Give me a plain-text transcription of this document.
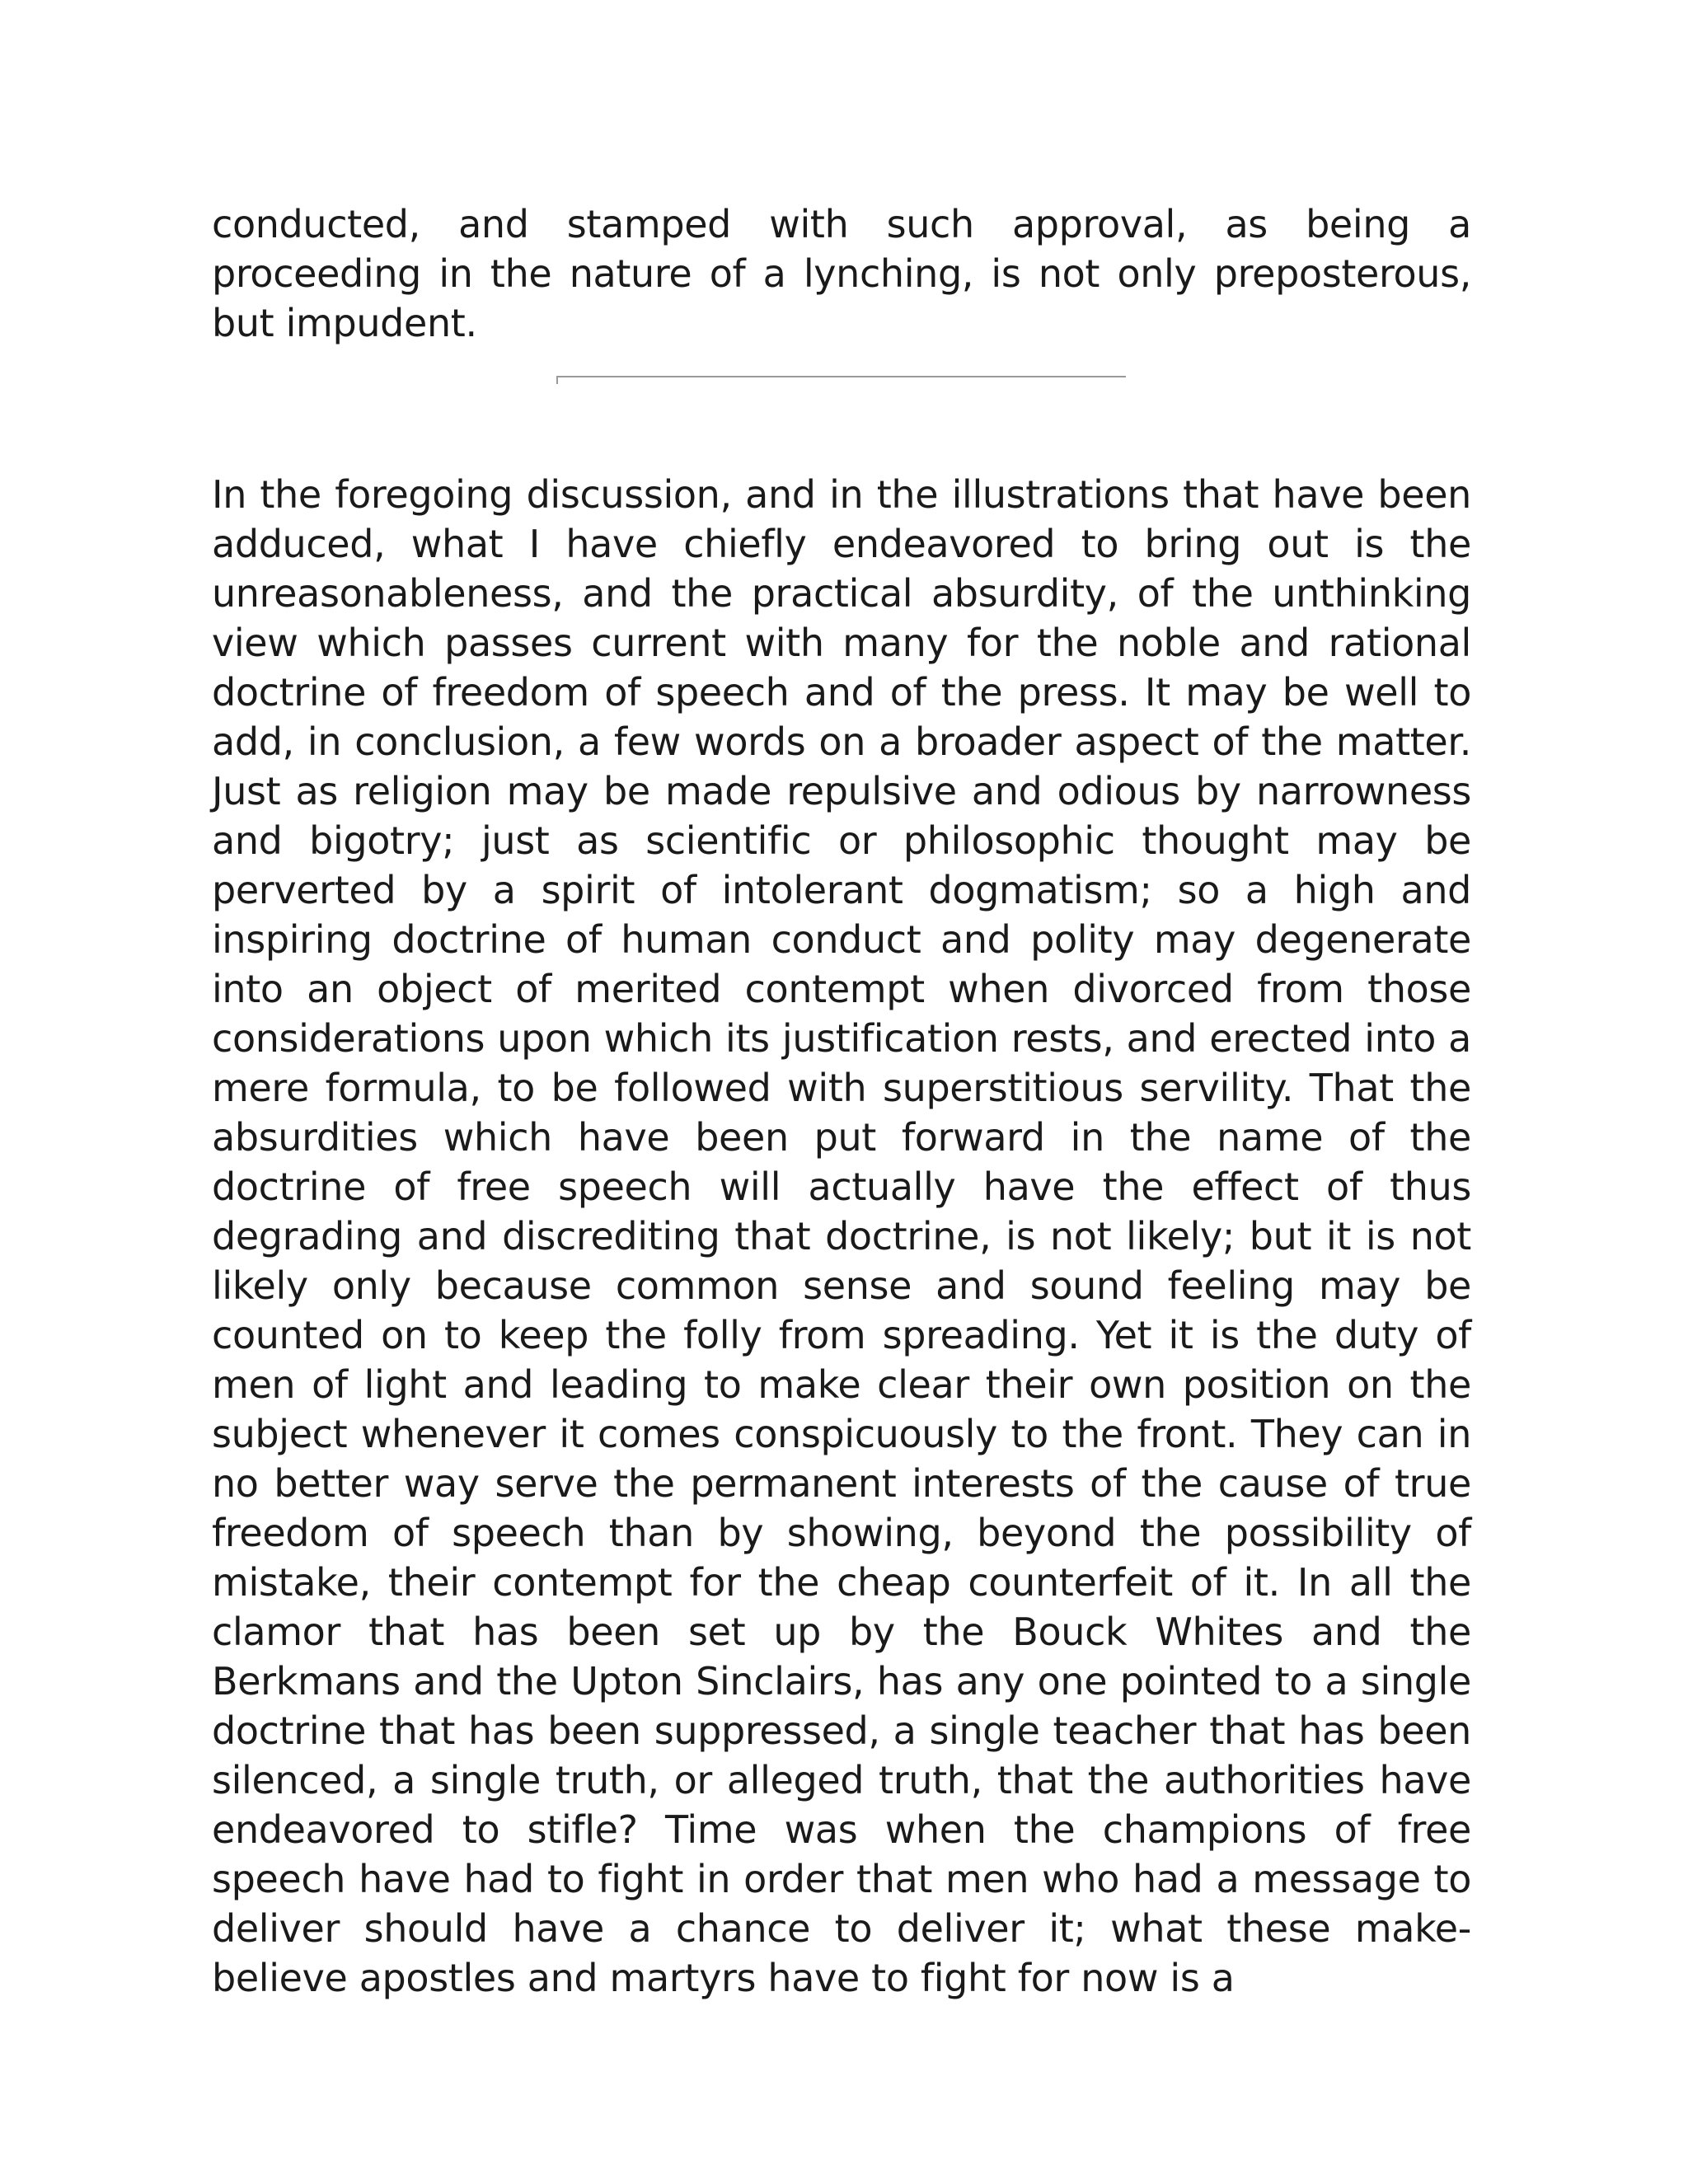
conducted, and stamped with such approval, as being a proceeding in the nature of a lynching, is not only preposterous, but impudent.

In the foregoing discussion, and in the illustrations that have been adduced, what I have chiefly endeavored to bring out is the unreasonableness, and the practical absurdity, of the unthinking view which passes current with many for the noble and rational doctrine of freedom of speech and of the press. It may be well to add, in conclusion, a few words on a broader aspect of the matter. Just as religion may be made repulsive and odious by narrowness and bigotry; just as scientific or philosophic thought may be perverted by a spirit of intolerant dogmatism; so a high and inspiring doctrine of human conduct and polity may degenerate into an object of merited contempt when divorced from those considerations upon which its justification rests, and erected into a mere formula, to be followed with superstitious servility. That the absurdities which have been put forward in the name of the doctrine of free speech will actually have the effect of thus degrading and discrediting that doctrine, is not likely; but it is not likely only because common sense and sound feeling may be counted on to keep the folly from spreading. Yet it is the duty of men of light and leading to make clear their own position on the subject whenever it comes conspicuously to the front. They can in no better way serve the permanent interests of the cause of true freedom of speech than by showing, beyond the possibility of mistake, their contempt for the cheap counterfeit of it. In all the clamor that has been set up by the Bouck Whites and the Berkmans and the Upton Sinclairs, has any one pointed to a single doctrine that has been suppressed, a single teacher that has been silenced, a single truth, or alleged truth, that the authorities have endeavored to stifle? Time was when the champions of free speech have had to fight in order that men who had a message to deliver should have a chance to deliver it; what these make-believe apostles and martyrs have to fight for now is a
